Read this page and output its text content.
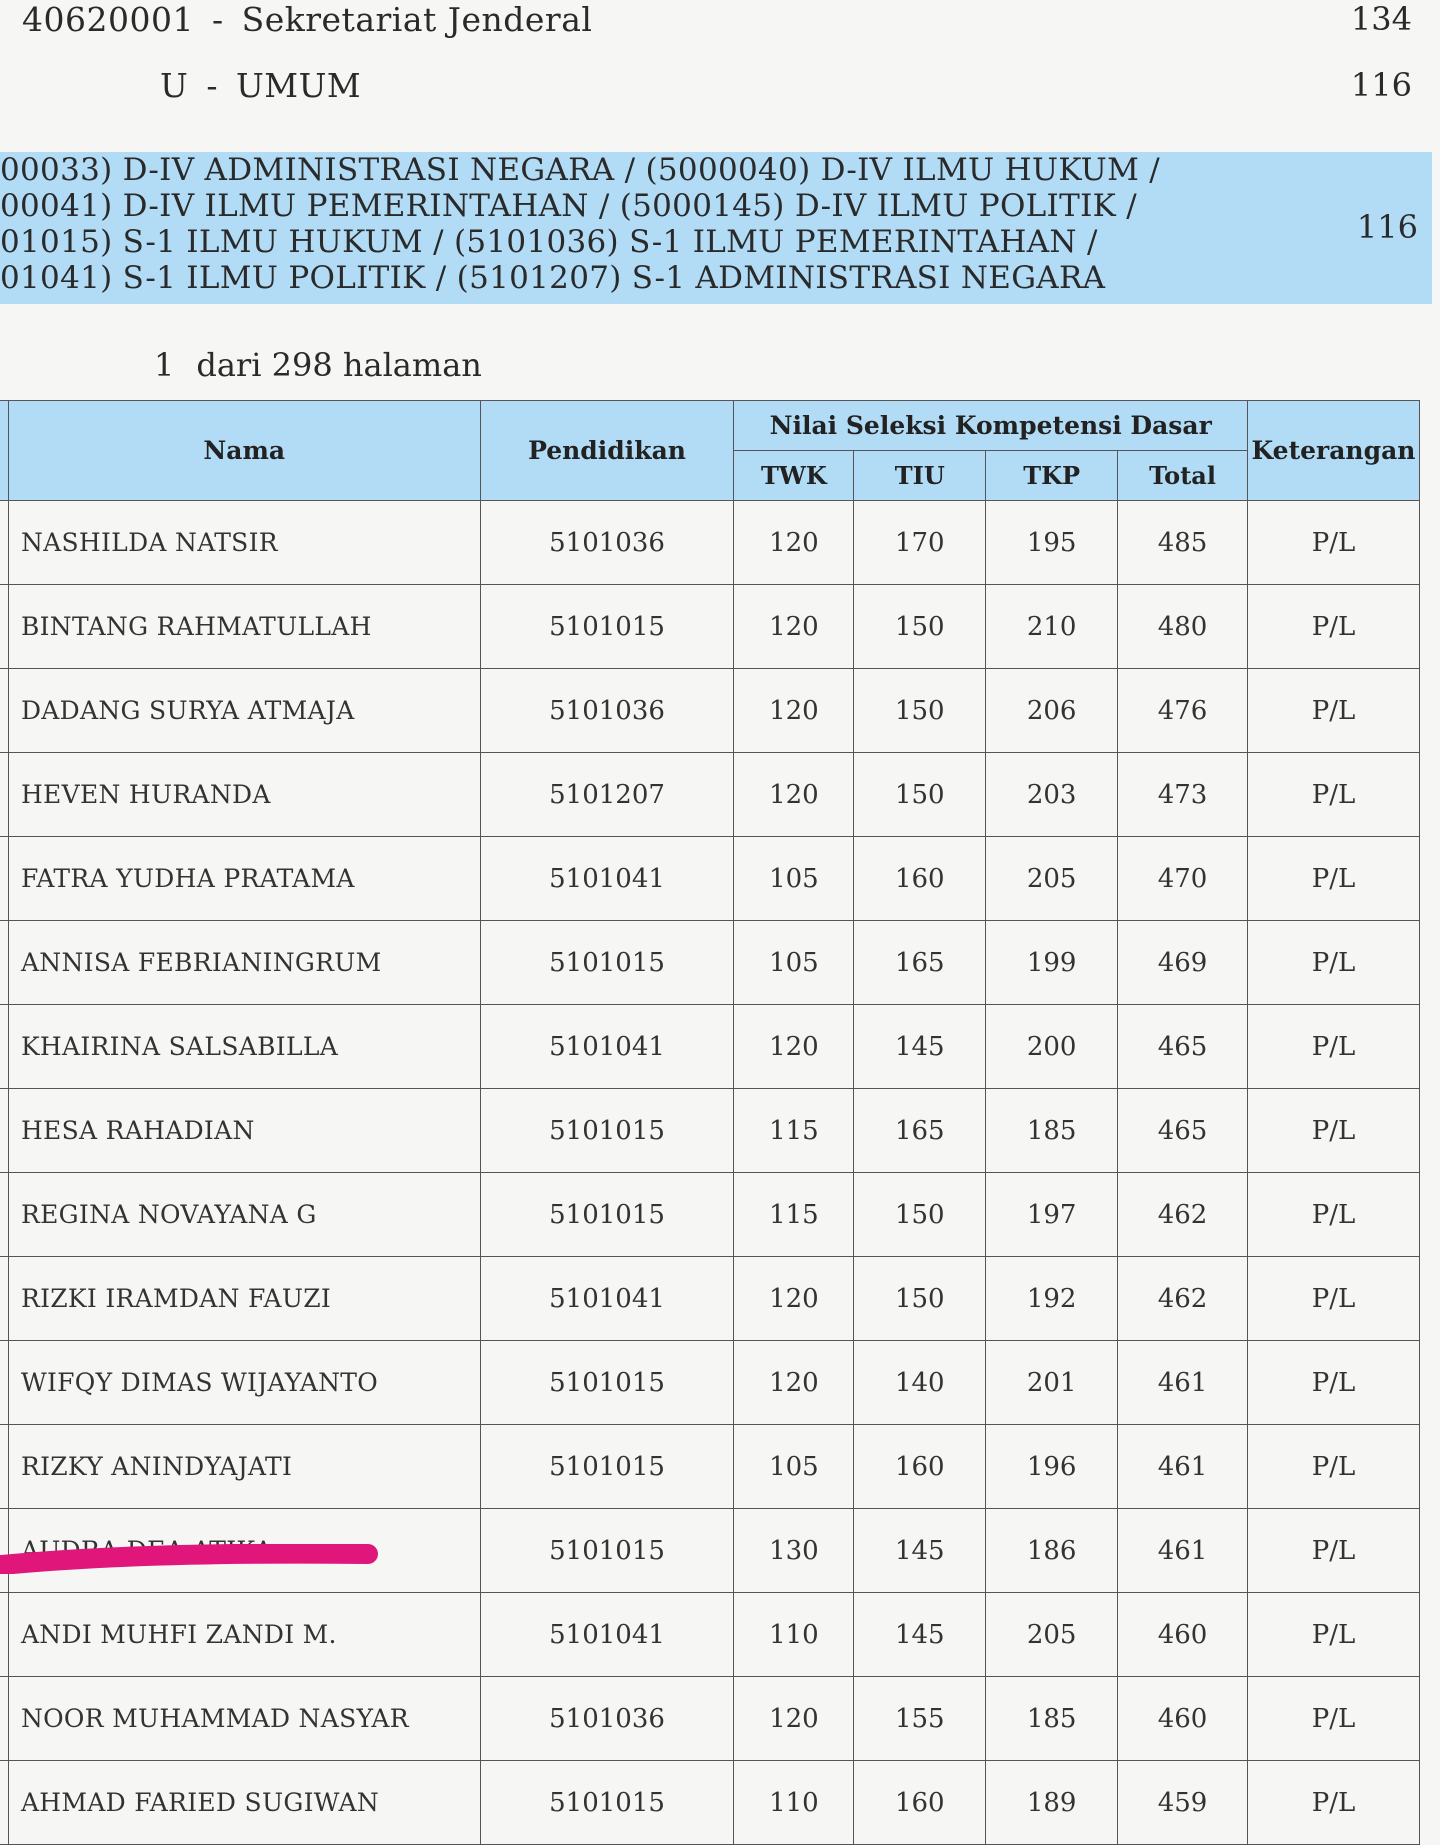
40620001 - Sekretariat Jenderal	134
U - UMUM	116
00033) D-IV ADMINISTRASI NEGARA / (5000040) D-IV ILMU HUKUM /
00041) D-IV ILMU PEMERINTAHAN / (5000145) D-IV ILMU POLITIK /
01015) S-1 ILMU HUKUM / (5101036) S-1 ILMU PEMERINTAHAN /
01041) S-1 ILMU POLITIK / (5101207) S-1 ADMINISTRASI NEGARA
116
1 dari 298 halaman
	Nama	Pendidikan	Nilai Seleksi Kompetensi Dasar				Keterangan
			TWK	TIU	TKP	Total	
	NASHILDA NATSIR	5101036	120	170	195	485	P/L
	BINTANG RAHMATULLAH	5101015	120	150	210	480	P/L
	DADANG SURYA ATMAJA	5101036	120	150	206	476	P/L
	HEVEN HURANDA	5101207	120	150	203	473	P/L
	FATRA YUDHA PRATAMA	5101041	105	160	205	470	P/L
	ANNISA FEBRIANINGRUM	5101015	105	165	199	469	P/L
	KHAIRINA SALSABILLA	5101041	120	145	200	465	P/L
	HESA RAHADIAN	5101015	115	165	185	465	P/L
	REGINA NOVAYANA G	5101015	115	150	197	462	P/L
	RIZKI IRAMDAN FAUZI	5101041	120	150	192	462	P/L
	WIFQY DIMAS WIJAYANTO	5101015	120	140	201	461	P/L
	RIZKY ANINDYAJATI	5101015	105	160	196	461	P/L
	AUDRA DEA ATIKA	5101015	130	145	186	461	P/L
	ANDI MUHFI ZANDI M.	5101041	110	145	205	460	P/L
	NOOR MUHAMMAD NASYAR	5101036	120	155	185	460	P/L
	AHMAD FARIED SUGIWAN	5101015	110	160	189	459	P/L
